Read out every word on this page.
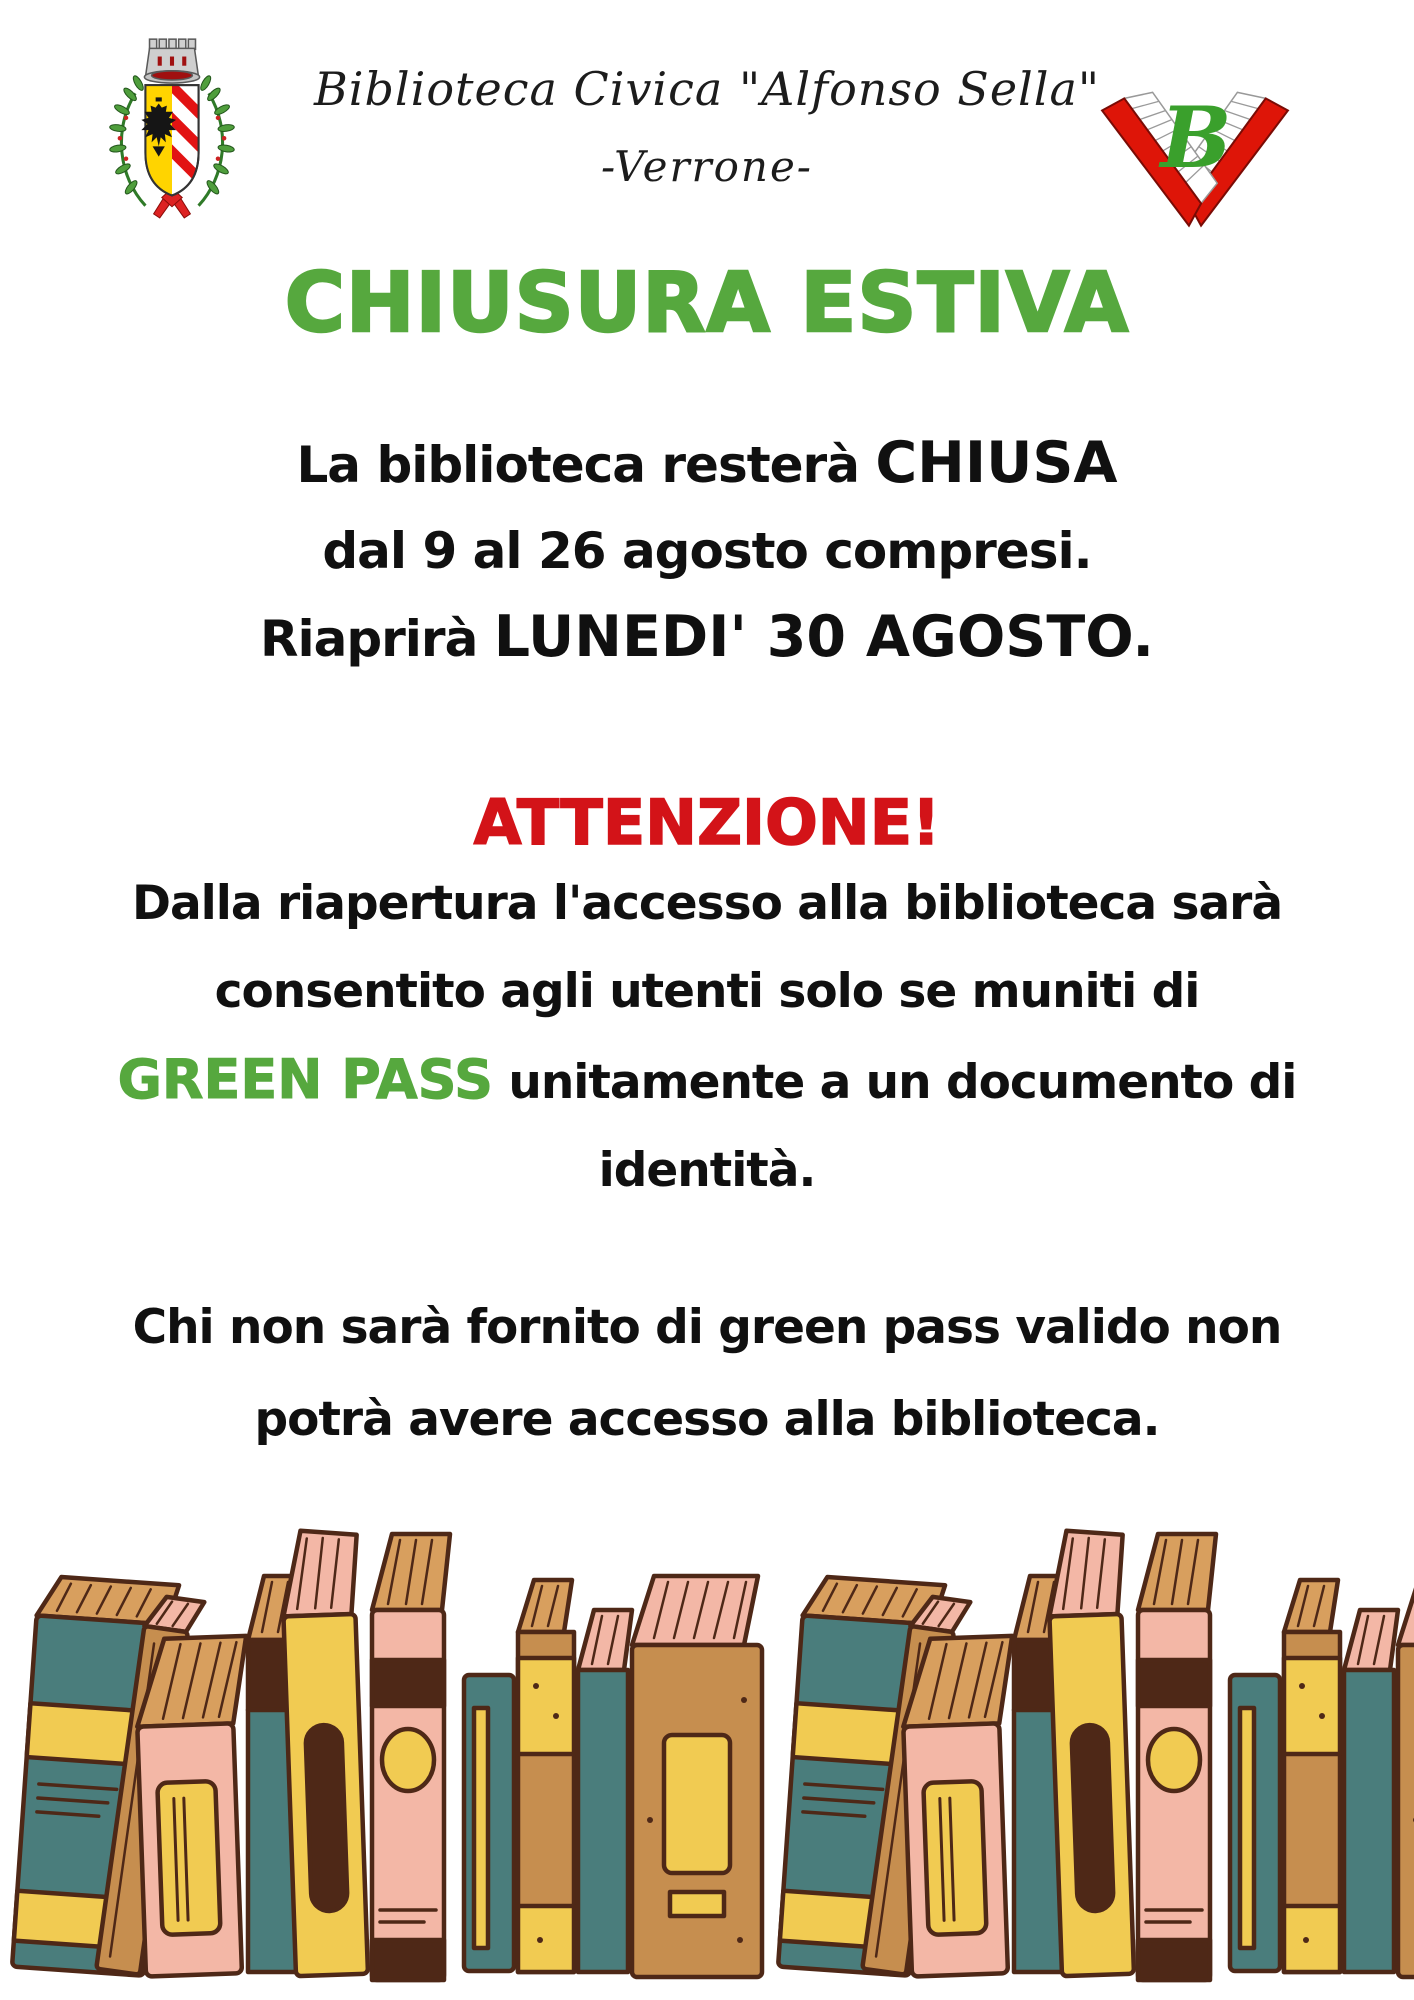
Biblioteca Civica "Alfonso Sella"
-Verrone-	B
CHIUSURA ESTIVA
La biblioteca resterà CHIUSA
dal 9 al 26 agosto compresi.
Riaprirà LUNEDI' 30 AGOSTO.
ATTENZIONE!
Dalla riapertura l'accesso alla biblioteca sarà
consentito agli utenti solo se muniti di
GREEN PASS unitamente a un documento di
identità.
Chi non sarà fornito di green pass valido non
potrà avere accesso alla biblioteca.
